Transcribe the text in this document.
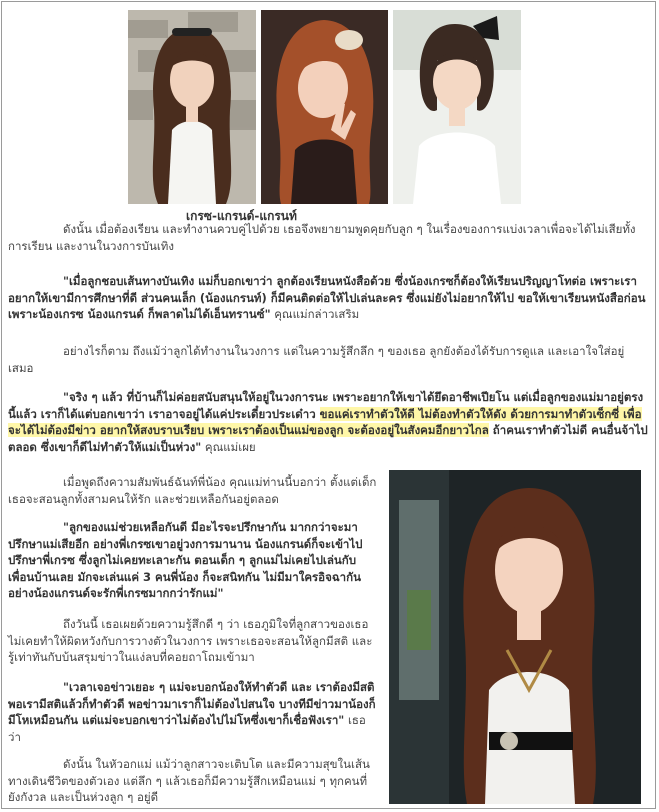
เกรซ-แกรนด์-แกรนท์

ดังนั้น เมื่อต้องเรียน และทำงานควบคู่ไปด้วย เธอจึงพยายามพูดคุยกับลูก ๆ ในเรื่องของการแบ่งเวลาเพื่อจะได้ไม่เสียทั้งการเรียน และงานในวงการบันเทิง

"เมื่อลูกชอบเส้นทางบันเทิง แม่ก็บอกเขาว่า ลูกต้องเรียนหนังสือด้วย ซึ่งน้องเกรซก็ต้องให้เรียนปริญญาโทต่อ เพราะเราอยากให้เขามีการศึกษาที่ดี ส่วนคนเล็ก (น้องแกรนท์) ก็มีคนติดต่อให้ไปเล่นละคร ซึ่งแม่ยังไม่อยากให้ไป ขอให้เขาเรียนหนังสือก่อน เพราะน้องเกรซ น้องแกรนด์ ก็พลาดไม่ได้เอ็นทรานซ์" คุณแม่กล่าวเสริม

อย่างไรก็ตาม ถึงแม้ว่าลูกได้ทำงานในวงการ แต่ในความรู้สึกลึก ๆ ของเธอ ลูกยังต้องได้รับการดูแล และเอาใจใส่อยู่เสมอ

"จริง ๆ แล้ว ที่บ้านก็ไม่ค่อยสนับสนุนให้อยู่ในวงการนะ เพราะอยากให้เขาได้ยึดอาชีพเปียโน แต่เมื่อลูกของแม่มาอยู่ตรงนี้แล้ว เราก็ได้แต่บอกเขาว่า เราอาจอยู่ได้แค่ประเดี๋ยวประเด๋าว ขอแค่เราทำตัวให้ดี ไม่ต้องทำตัวให้ดัง ด้วยการมาทำตัวเซ็กซี่ เพื่อจะได้ไม่ต้องมีข่าว อยากให้สงบราบเรียบ เพราะเราต้องเป็นแม่ของลูก จะต้องอยู่ในสังคมอีกยาวไกล ถ้าคนเราทำตัวไม่ดี คนอื่นจ้าไปตลอด ซึ่งเขาก็ดีไม่ทำตัวให้แม่เป็นห่วง" คุณแม่เผย

เมื่อพูดถึงความสัมพันธ์ฉันท์พี่น้อง คุณแม่ท่านนี้บอกว่า ตั้งแต่เด็กเธอจะสอนลูกทั้งสามคนให้รัก และช่วยเหลือกันอยู่ตลอด

"ลูกของแม่ช่วยเหลือกันดี มีอะไรจะปรึกษากัน มากกว่าจะมาปรึกษาแม่เสียอีก อย่างพี่เกรซเขาอยู่วงการมานาน น้องแกรนด์ก็จะเข้าไปปรึกษาพี่เกรซ ซึ่งลูกไม่เคยทะเลาะกัน ตอนเด็ก ๆ ลูกแม่ไม่เคยไปเล่นกับเพื่อนบ้านเลย มักจะเล่นแค่ 3 คนพี่น้อง ก็จะสนิทกัน ไม่มีมาใครอิจฉากัน อย่างน้องแกรนด์จะรักพี่เกรซมากกว่ารักแม่"

ถึงวันนี้ เธอเผยด้วยความรู้สึกดี ๆ ว่า เธอภูมิใจที่ลูกสาวของเธอไม่เคยทำให้ผิดหวังกับการวางตัวในวงการ เพราะเธอจะสอนให้ลูกมีสติ และรู้เท่าทันกับบ้นสรุมข่าวในแง่ลบที่คอยถาโถมเข้ามา

"เวลาเจอข่าวเยอะ ๆ แม่จะบอกน้องให้ทำตัวดี และ เราต้องมีสติ พอเรามีสติแล้วก็ทำตัวดี พอข่าวมาเราก็ไม่ต้องไปสนใจ บางทีมีข่าวมาน้องก็มีโหเหมือนกัน แต่แม่จะบอกเขาว่าไม่ต้องไปไม่โหซึ่งเขาก็เชื่อฟังเรา" เธอว่า

ดังนั้น ในหัวอกแม่ แม้ว่าลูกสาวจะเติบโต และมีความสุขในเส้นทางเดินชีวิตของตัวเอง แต่ลึก ๆ แล้วเธอก็มีความรู้สึกเหมือนแม่ ๆ ทุกคนที่ยังกังวล และเป็นห่วงลูก ๆ อยู่ดี
